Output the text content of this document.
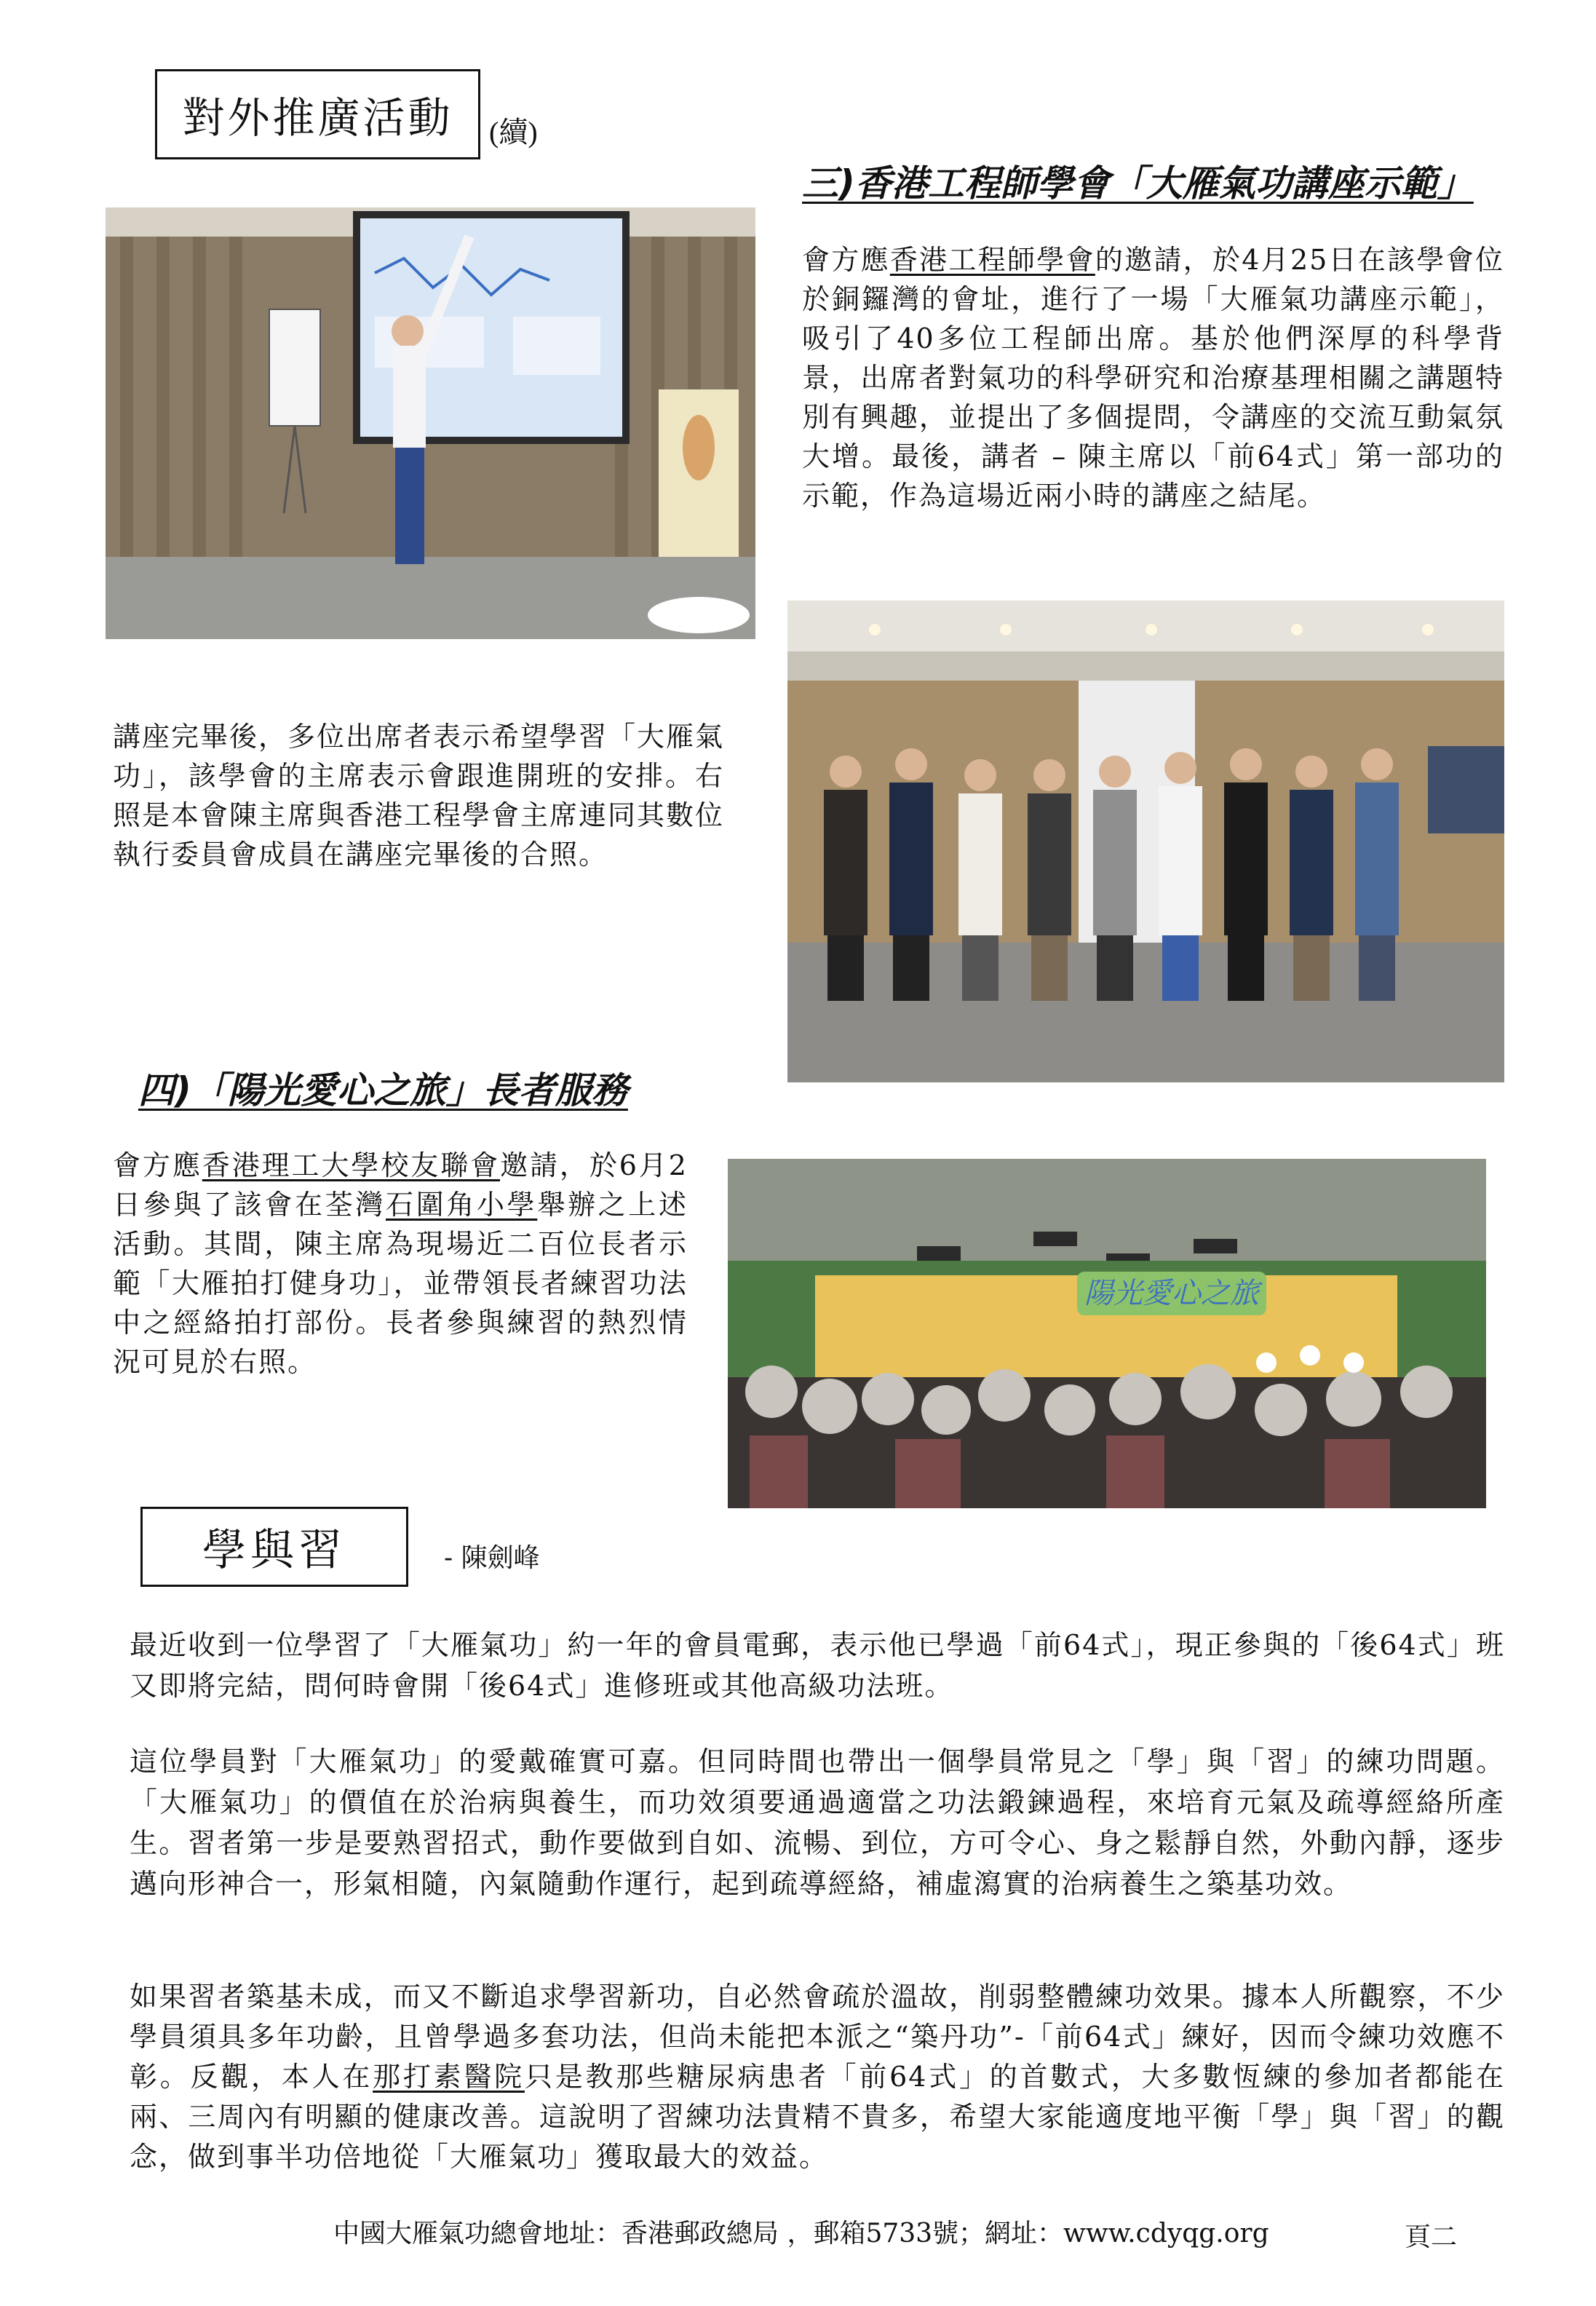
對外推廣活動 (續)
三)香港工程師學會「大雁氣功講座示範」

會方應香港工程師學會的邀請，於4月25日在該學會位於銅鑼灣的會址，進行了一場「大雁氣功講座示範」，吸引了40多位工程師出席。基於他們深厚的科學背景，出席者對氣功的科學研究和治療基理相關之講題特別有興趣，並提出了多個提問，令講座的交流互動氣氛大增。最後，講者 – 陳主席以「前64式」第一部功的示範，作為這場近兩小時的講座之結尾。

講座完畢後，多位出席者表示希望學習「大雁氣功」，該學會的主席表示會跟進開班的安排。右照是本會陳主席與香港工程學會主席連同其數位執行委員會成員在講座完畢後的合照。

四)「陽光愛心之旅」長者服務

會方應香港理工大學校友聯會邀請，於6月2日參與了該會在荃灣石圍角小學舉辦之上述活動。其間，陳主席為現場近二百位長者示範「大雁拍打健身功」，並帶領長者練習功法中之經絡拍打部份。長者參與練習的熱烈情況可見於右照。

陽光愛心之旅
學與習	- 陳劍峰

最近收到一位學習了「大雁氣功」約一年的會員電郵，表示他已學過「前64式」，現正參與的「後64式」班又即將完結，問何時會開「後64式」進修班或其他高級功法班。

這位學員對「大雁氣功」的愛戴確實可嘉。但同時間也帶出一個學員常見之「學」與「習」的練功問題。「大雁氣功」的價值在於治病與養生，而功效須要通過適當之功法鍛鍊過程，來培育元氣及疏導經絡所產生。習者第一步是要熟習招式，動作要做到自如、流暢、到位，方可令心、身之鬆靜自然，外動內靜，逐步邁向形神合一，形氣相隨，內氣隨動作運行，起到疏導經絡，補虛瀉實的治病養生之築基功效。

如果習者築基未成，而又不斷追求學習新功，自必然會疏於溫故，削弱整體練功效果。據本人所觀察，不少學員須具多年功齡，且曾學過多套功法，但尚未能把本派之“築丹功”-「前64式」練好，因而令練功效應不彰。反觀，本人在那打素醫院只是教那些糖尿病患者「前64式」的首數式，大多數恆練的參加者都能在兩、三周內有明顯的健康改善。這說明了習練功法貴精不貴多，希望大家能適度地平衡「學」與「習」的觀念，做到事半功倍地從「大雁氣功」獲取最大的效益。

中國大雁氣功總會地址：香港郵政總局 ，郵箱5733號；網址：www.cdyqg.org	頁二
